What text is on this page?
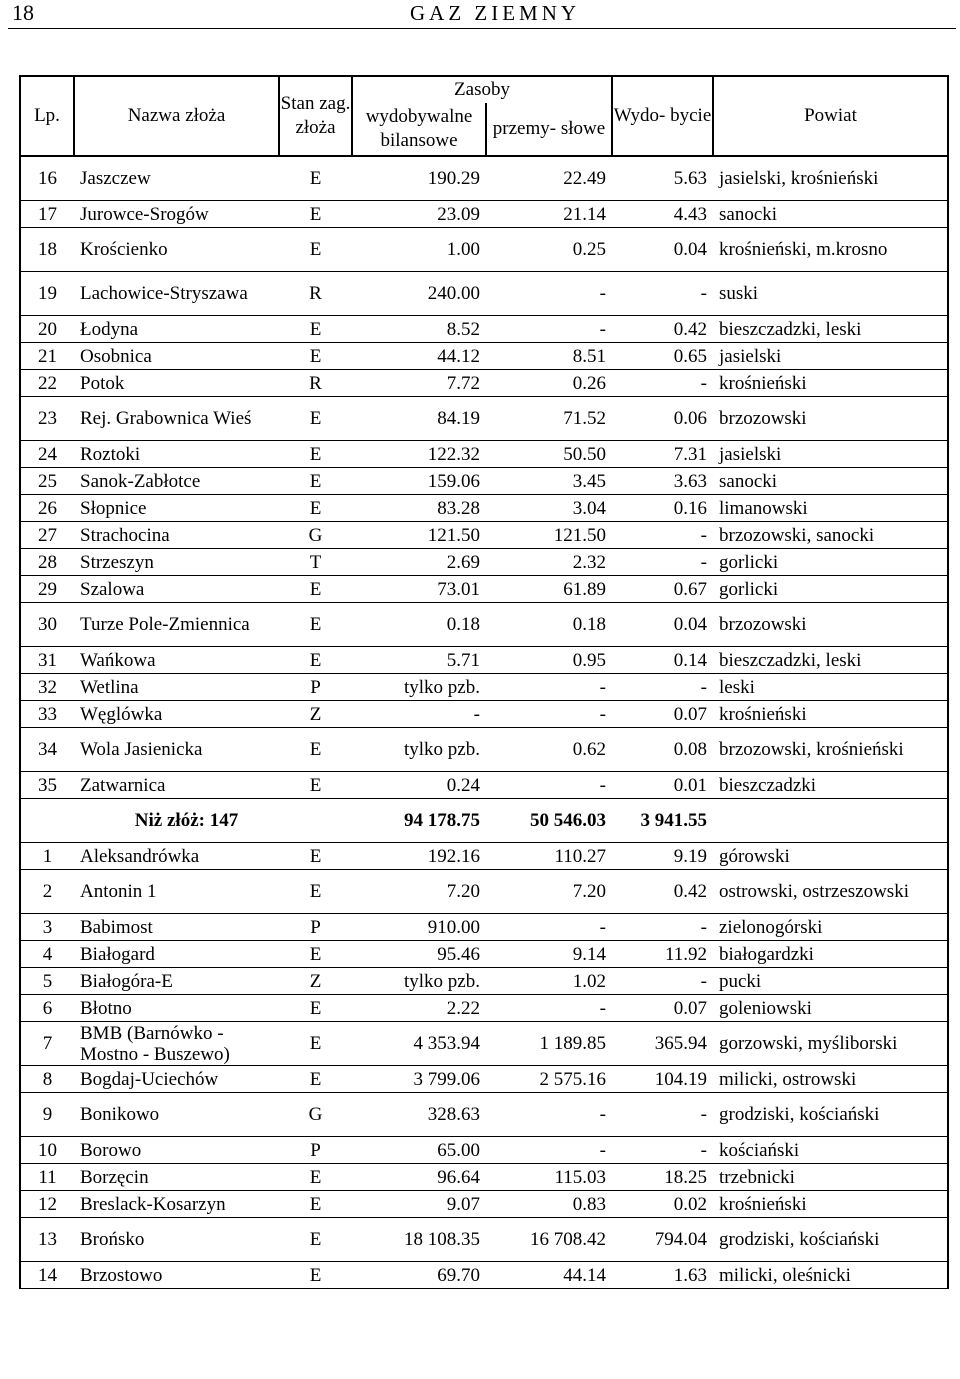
18	GAZ ZIEMNY
Lp.	Nazwa złoża	Stan zag. złoża	Zasoby		Wydo- bycie	Powiat
			wydobywalne bilansowe	przemy- słowe		
16	Jaszczew	E	190.29	22.49	5.63	jasielski, krośnieński
17	Jurowce-Srogów	E	23.09	21.14	4.43	sanocki
18	Krościenko	E	1.00	0.25	0.04	krośnieński, m.krosno
19	Lachowice-Stryszawa	R	240.00	-	-	suski
20	Łodyna	E	8.52	-	0.42	bieszczadzki, leski
21	Osobnica	E	44.12	8.51	0.65	jasielski
22	Potok	R	7.72	0.26	-	krośnieński
23	Rej. Grabownica Wieś	E	84.19	71.52	0.06	brzozowski
24	Roztoki	E	122.32	50.50	7.31	jasielski
25	Sanok-Zabłotce	E	159.06	3.45	3.63	sanocki
26	Słopnice	E	83.28	3.04	0.16	limanowski
27	Strachocina	G	121.50	121.50	-	brzozowski, sanocki
28	Strzeszyn	T	2.69	2.32	-	gorlicki
29	Szalowa	E	73.01	61.89	0.67	gorlicki
30	Turze Pole-Zmiennica	E	0.18	0.18	0.04	brzozowski
31	Wańkowa	E	5.71	0.95	0.14	bieszczadzki, leski
32	Wetlina	P	tylko pzb.	-	-	leski
33	Węglówka	Z	-	-	0.07	krośnieński
34	Wola Jasienicka	E	tylko pzb.	0.62	0.08	brzozowski, krośnieński
35	Zatwarnica	E	0.24	-	0.01	bieszczadzki
Niż złóż: 147			94 178.75	50 546.03	3 941.55	
1	Aleksandrówka	E	192.16	110.27	9.19	górowski
2	Antonin 1	E	7.20	7.20	0.42	ostrowski, ostrzeszowski
3	Babimost	P	910.00	-	-	zielonogórski
4	Białogard	E	95.46	9.14	11.92	białogardzki
5	Białogóra-E	Z	tylko pzb.	1.02	-	pucki
6	Błotno	E	2.22	-	0.07	goleniowski
7	BMB (Barnówko - Mostno - Buszewo)	E	4 353.94	1 189.85	365.94	gorzowski, myśliborski
8	Bogdaj-Uciechów	E	3 799.06	2 575.16	104.19	milicki, ostrowski
9	Bonikowo	G	328.63	-	-	grodziski, kościański
10	Borowo	P	65.00	-	-	kościański
11	Borzęcin	E	96.64	115.03	18.25	trzebnicki
12	Breslack-Kosarzyn	E	9.07	0.83	0.02	krośnieński
13	Brońsko	E	18 108.35	16 708.42	794.04	grodziski, kościański
14	Brzostowo	E	69.70	44.14	1.63	milicki, oleśnicki
